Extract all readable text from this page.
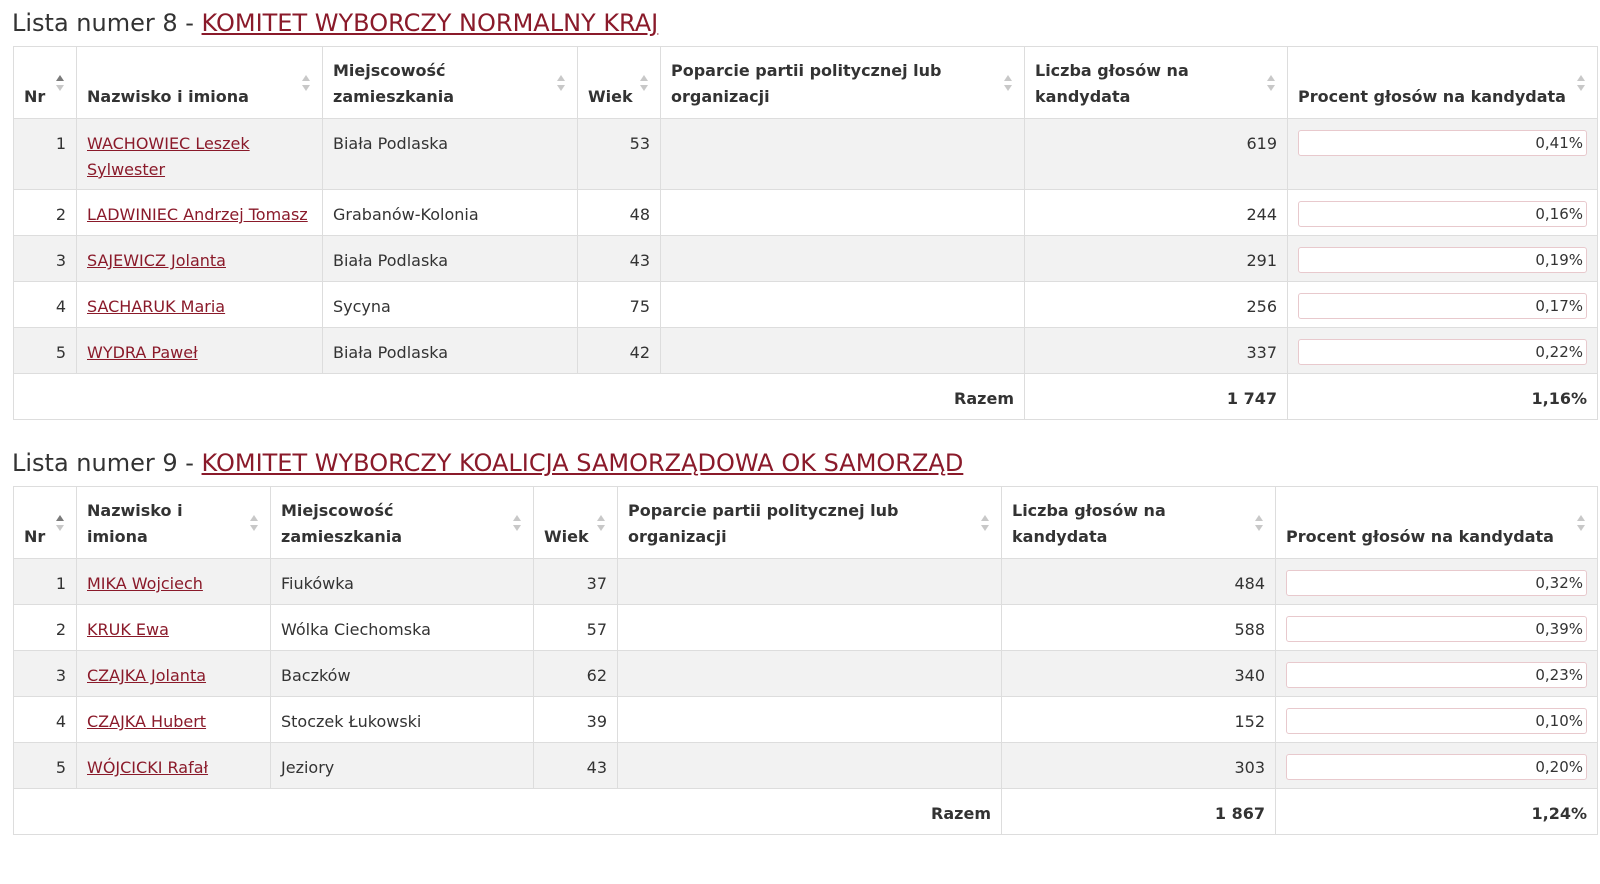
Lista numer 8 - KOMITET WYBORCZY NORMALNY KRAJ
Nr	Nazwisko i imiona	Miejscowość zamieszkania	Wiek	Poparcie partii politycznej lub organizacji	Liczba głosów na kandydata	Procent głosów na kandydata

1	WACHOWIEC Leszek Sylwester	Biała Podlaska	53		619	0,41%

2	LADWINIEC Andrzej Tomasz	Grabanów-Kolonia	48		244	0,16%

3	SAJEWICZ Jolanta	Biała Podlaska	43		291	0,19%

4	SACHARUK Maria	Sycyna	75		256	0,17%

5	WYDRA Paweł	Biała Podlaska	42		337	0,22%

Razem					1 747	1,16%
Lista numer 9 - KOMITET WYBORCZY KOALICJA SAMORZĄDOWA OK SAMORZĄD
Nr	Nazwisko i imiona	Miejscowość zamieszkania	Wiek	Poparcie partii politycznej lub organizacji	Liczba głosów na kandydata	Procent głosów na kandydata

1	MIKA Wojciech	Fiukówka	37		484	0,32%

2	KRUK Ewa	Wólka Ciechomska	57		588	0,39%

3	CZAJKA Jolanta	Baczków	62		340	0,23%

4	CZAJKA Hubert	Stoczek Łukowski	39		152	0,10%

5	WÓJCICKI Rafał	Jeziory	43		303	0,20%

Razem					1 867	1,24%
